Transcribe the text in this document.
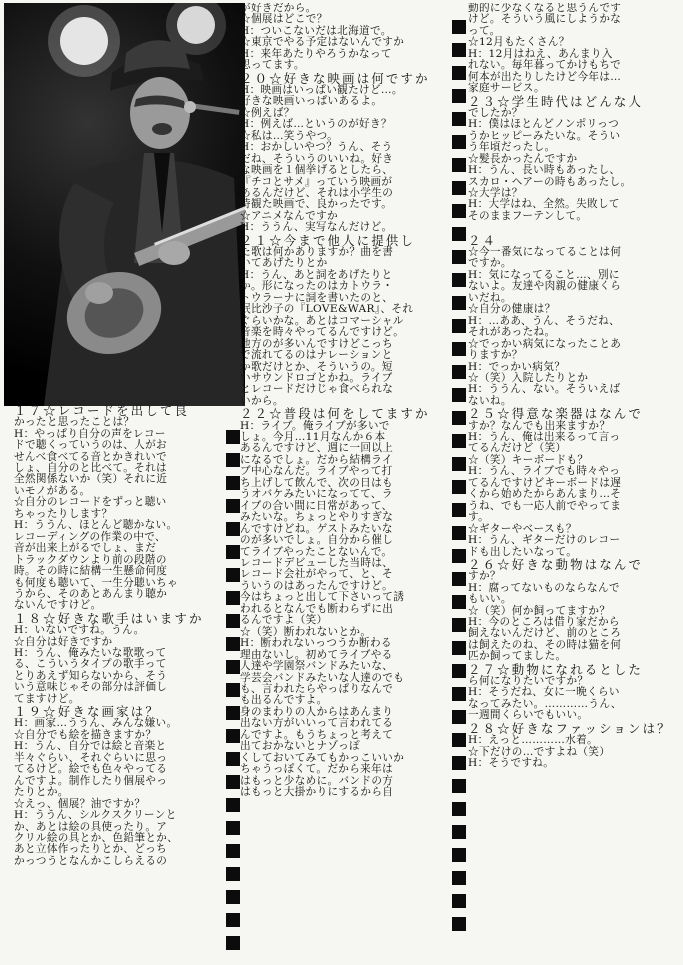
１７☆レコードを出して良
かったと思ったことは？
H：やっぱり自分の声をレコー
ドで聴くっていうのは、人がお
せんべ食べてる音とかきれいで
しょ、自分のと比べて。それは
全然関係ないか（笑）それに近
いモノがある。
☆自分のレコードをずっと聴い
ちゃったりします？
H：ううん、ほとんど聴かない。
レコーディングの作業の中で、
音が出来上がるでしょ、まだ
トラックダウンより前の段階の
時。その時に結構一生懸命何度
も何度も聴いて、一生分聴いちゃ
うから、そのあとあんまり聴か
ないんですけど。
１８☆好きな歌手はいますか
H：いないですね。うん。
☆自分は好きですか
H：うん、俺みたいな歌歌って
る、こういうタイプの歌手って
とりあえず知らないから、そう
いう意味じゃその部分は評価し
てますけど。
１９☆好きな画家は？
H：画家…ううん、みんな嫌い。
☆自分でも絵を描きますか？
H：うん、自分では絵と音楽と
半々ぐらい、それぐらいに思っ
てるけど。絵でも色々やってる
んですよ。制作したり個展やっ
たりとか。
☆えっ、個展？油ですか？
H：ううん、シルクスクリーンと
か、あとは絵の具使ったり。ア
クリル絵の具とか、色鉛筆とか、
あと立体作ったりとか、どっち
かっつうとなんかこしらえるの
が好きだから。
☆個展はどこで？
H：ついこないだは北海道で。
☆東京でやる予定はないんですか
H：来年あたりやろうかなって
思ってます。
２０☆好きな映画は何ですか
H：映画はいっぱい観たけど…。
好きな映画いっぱいあるよ。
☆例えば？
H：例えば…というのが好き？
☆私は…笑うやつ。
H：おかしいやつ？うん、そう
だね、そういうのいいね。好き
な映画を１個挙げるとしたら、
『チコとサメ』っていう映画が
あるんだけど、それは小学生の
時観た映画で、良かったです。
☆アニメなんですか
H：ううん、実写なんだけど。
２１☆今まで他人に提供し
た歌は何かありますか？曲を書
いてあげたりとか
H：うん、あと詞をあげたりと
か。形になったのはカトウラ・
トウラーナに詞を書いたのと、
泯比沙子の『LOVE&WAR』、それ
ぐらいかな。あとはコマーシャル
音楽を時々やってるんですけど。
地方のが多いんですけどこっち
で流れてるのはナレーションと
か歌だけとか、そういうの。短
いサウンドロゴとかね。ライブ
とレコードだけじゃ食べられな
いから。
２２☆普段は何をしてますか
H：ライブ。俺ライブが多いで
しょ。今月…11月なんか６本
あるんですけど、週に一回以上
になるでしょ。だから結構ライ
ブ中心なんだ。ライブやって打
ち上げして飲んで、次の日はも
うオバケみたいになってて、ラ
イブの合い間に日常があって、
みたいな。ちょっとやりすぎな
んですけどね。ゲストみたいな
のが多いでしょ。自分から催し
てライブやったことないんで。
レコードデビューした当時は、
レコード会社がやって、と、そ
ういうのはあったんですけど。
今はちょっと出して下さいって誘
われるとなんでも断わらずに出
るんですよ（笑）
☆（笑）断われないとか。
H：断われないっつうか断わる
理由ないし。初めてライブやる
人達や学園祭バンドみたいな、
学芸会バンドみたいな人達のでも
も、言われたらやっぱりなんで
も出るんですよ。
身のまわりの人からはあんまり
出ない方がいいって言われてる
んですよ。もうちょっと考えて
出ておかないとナゾっぽ
くしておいてみてもかっこいいか
ちゃうっぽくて。だから来年は
はもっと少なめに。バンドの方
はもっと大掛かりにするから自
動的に少なくなると思うんです
けど。そういう風にしようかな
って。
☆12月もたくさん？
H：12月はねえ、あんまり入
れない。毎年暮ってかけもちで
何本が出たりしたけど今年は…
家庭サービス。
２３☆学生時代はどんな人
でしたか？
H：僕はほとんどノンポリっつ
うかヒッピーみたいな。そうい
う年頃だったし。
☆髪長かったんですか
H：うん、長い時もあったし、
スカロ・ヘアーの時もあったし。
☆大学は？
H：大学はね、全然。失敗して
そのままフーテンして。

２４
☆今一番気になってることは何
ですか。
H：気になってること…、別に
ないよ。友達や肉親の健康くら
いだね。
☆自分の健康は？
H：…ああ、うん、そうだね、
それがあったね。
☆でっかい病気になったことあ
りますか？
H：でっかい病気？
☆（笑）入院したりとか
H：ううん、ない。そういえば
ないね。
２５☆得意な楽器はなんで
すか？なんでも出来ますか？
H：うん、俺は出来るって言っ
てるんだけど（笑）
☆（笑）キーボードも？
H：うん、ライブでも時々やっ
てるんですけどキーボードは遅
くから始めたからあんまり…そ
うね、でも一応人前でやってま
す。
☆ギターやベースも？
H：うん、ギターだけのレコー
ドも出したいなって。
２６☆好きな動物はなんで
すか？
H：腐ってないものならなんで
もいい。
☆（笑）何か飼ってますか？
H：今のところは借り家だから
飼えないんだけど、前のところ
は飼えたのね、その時は猫を何
匹か飼ってました。
２７☆動物になれるとした
ら何になりたいですか？
H：そうだね、女に一晩くらい
なってみたい。…………うん、
一週間くらいでもいい。
２８☆好きなファッションは？
H：えっと…………水着。
☆下だけの…ですよね（笑）
H：そうですね。
